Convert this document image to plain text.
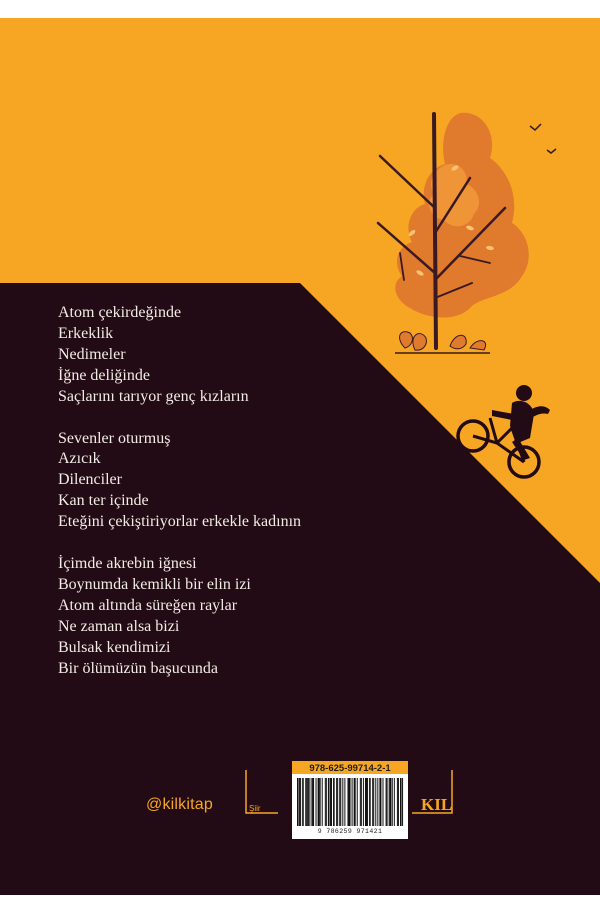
Atom çekirdeğinde
Erkeklik
Nedimeler
İğne deliğinde
Saçlarını tarıyor genç kızların
Sevenler oturmuş
Azıcık
Dilenciler
Kan ter içinde
Eteğini çekiştiriyorlar erkekle kadının
İçimde akrebin iğnesi
Boynumda kemikli bir elin izi
Atom altında süreğen raylar
Ne zaman alsa bizi
Bulsak kendimizi
Bir ölümüzün başucunda
@kilkitap	Şiir
978-625-99714-2-1
9 786259 971421
KIL
